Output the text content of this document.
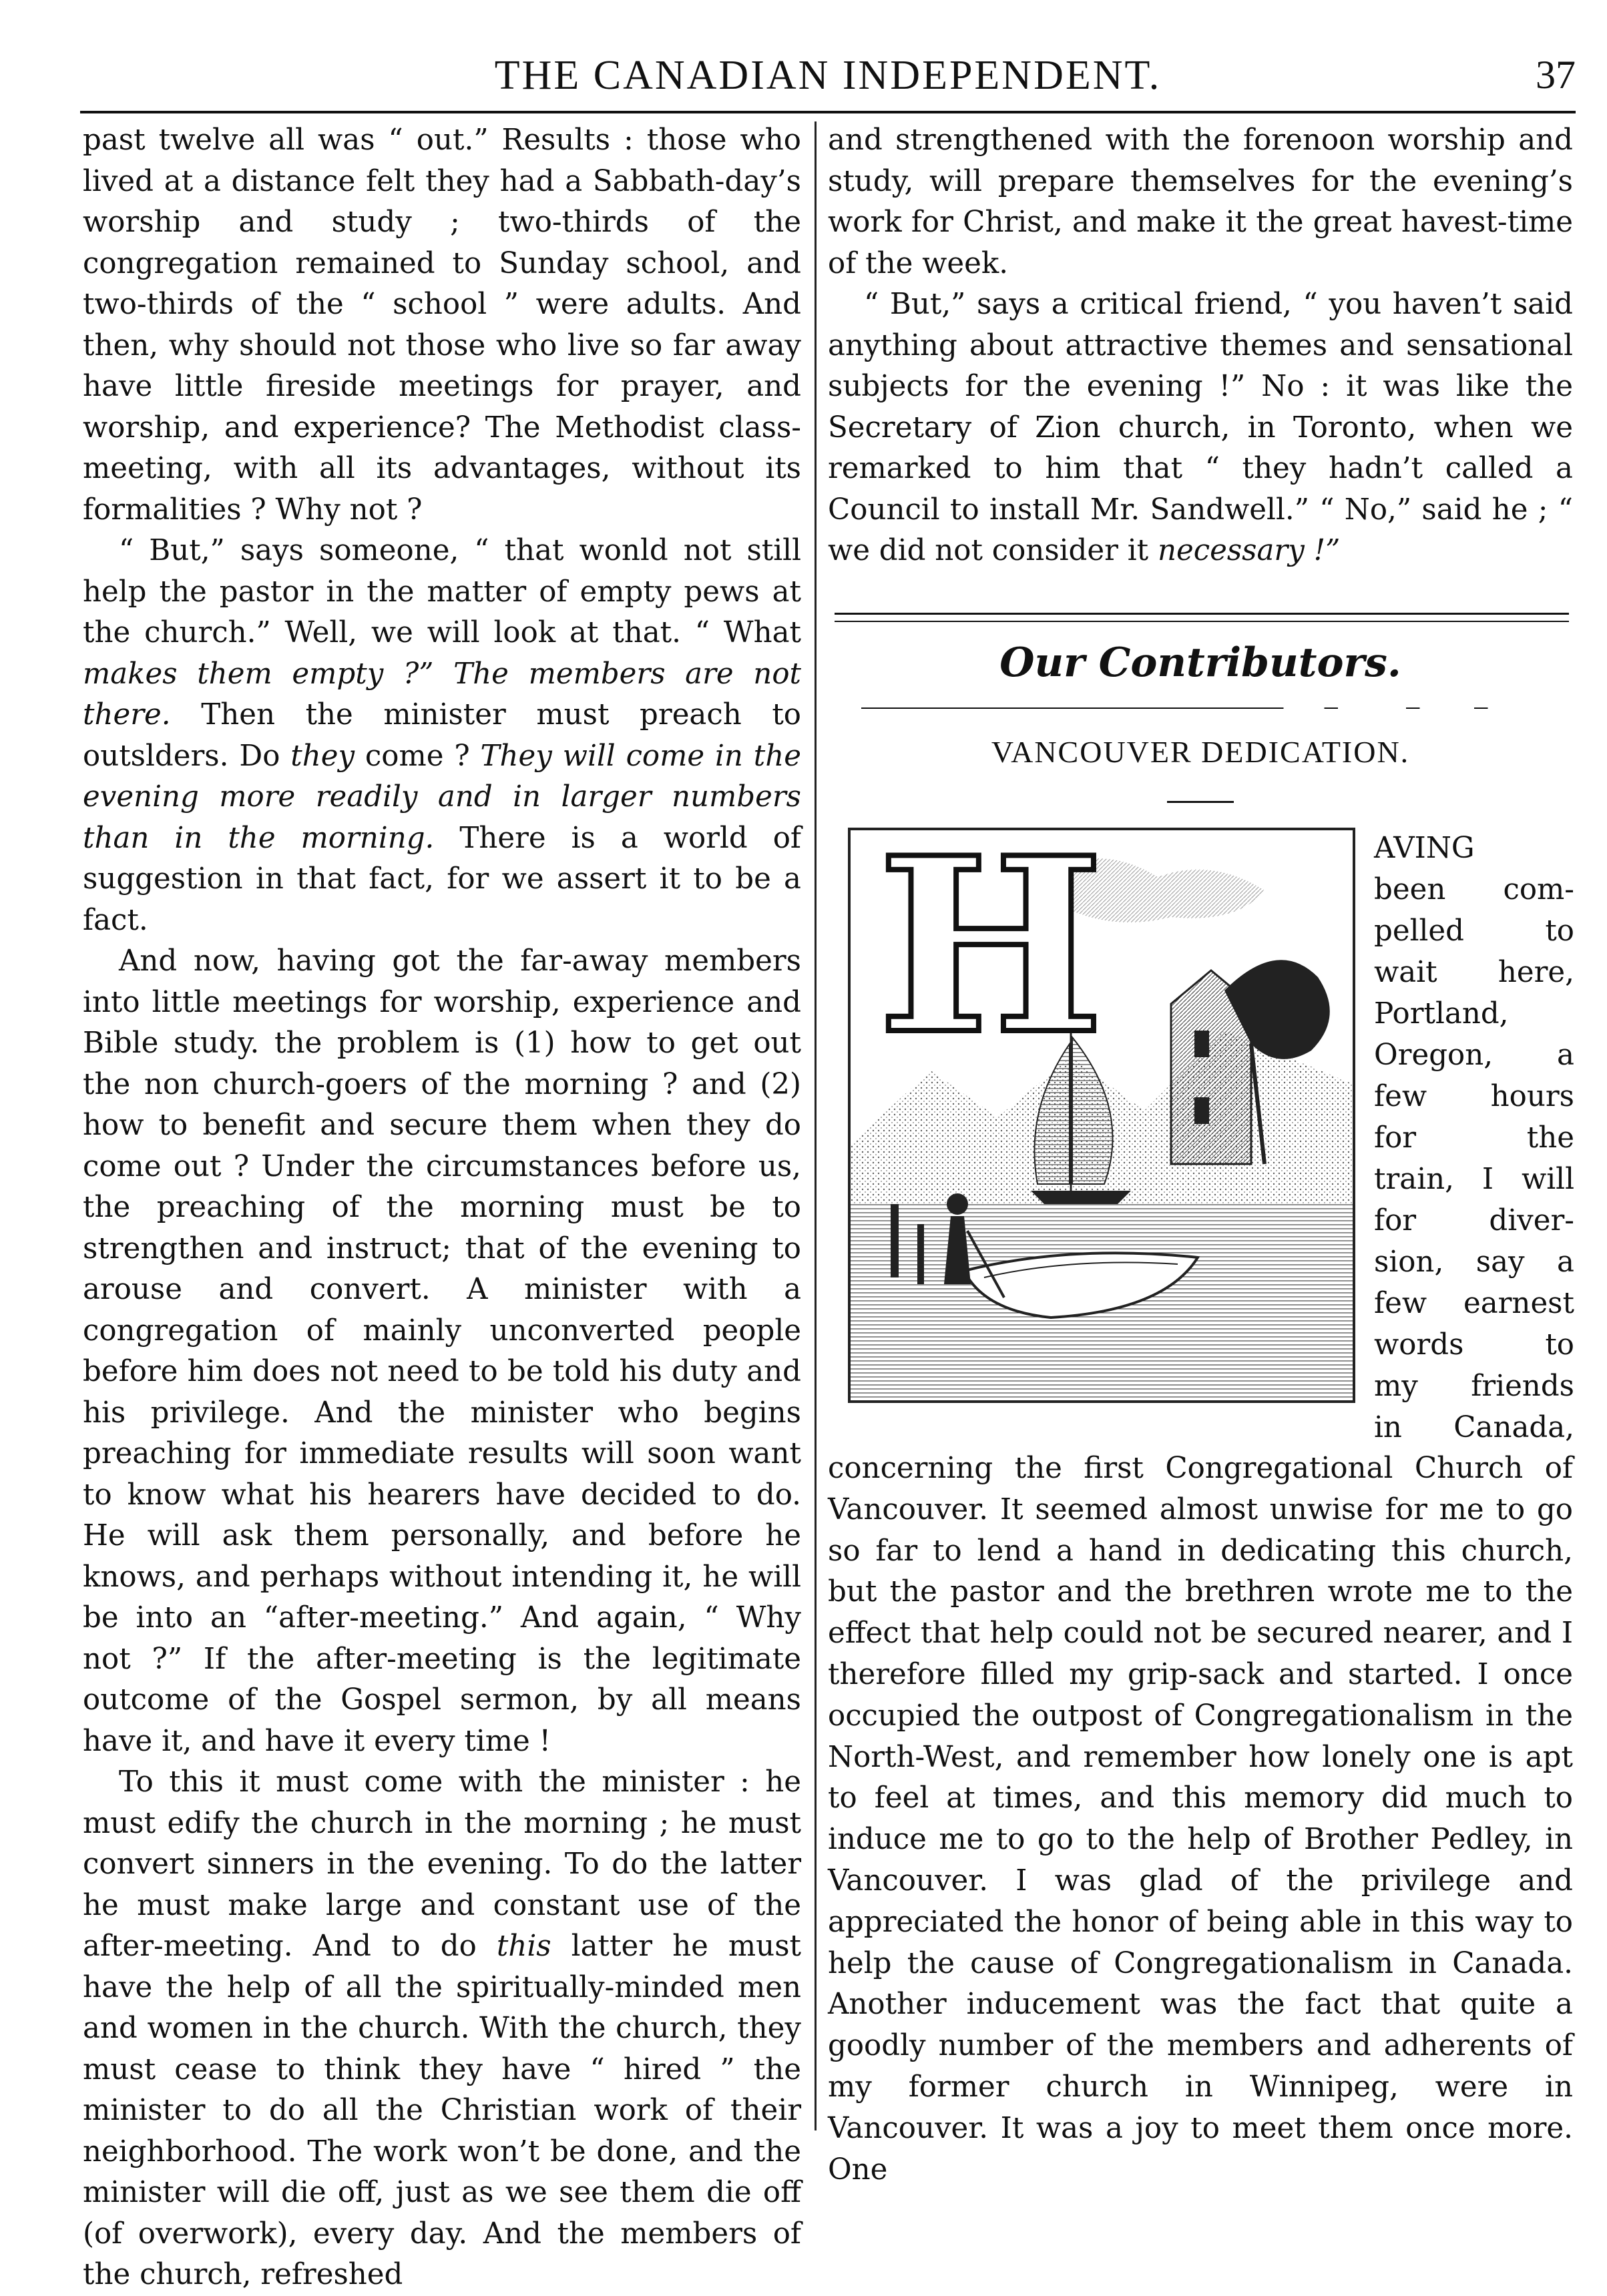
THE CANADIAN INDEPENDENT.	37

past twelve all was “ out.” Results : those who lived at a distance felt they had a Sabbath-day’s worship and study ; two-thirds of the congregation remained to Sunday school, and two-thirds of the “ school ” were adults. And then, why should not those who live so far away have little fireside meetings for prayer, and worship, and experience? The Methodist class-meeting, with all its advantages, without its formalities ? Why not ?

“ But,” says someone, “ that wonld not still help the pastor in the matter of empty pews at the church.” Well, we will look at that. “ What makes them empty ?” The members are not there. Then the minister must preach to outslders. Do they come ? They will come in the evening more readily and in larger numbers than in the morning. There is a world of suggestion in that fact, for we assert it to be a fact.

And now, having got the far-away members into little meetings for worship, experience and Bible study. the problem is (1) how to get out the non church-goers of the morning ? and (2) how to benefit and secure them when they do come out ? Under the circumstances before us, the preaching of the morning must be to strengthen and instruct; that of the evening to arouse and convert. A minister with a congregation of mainly unconverted people before him does not need to be told his duty and his privilege. And the minister who begins preaching for immediate results will soon want to know what his hearers have decided to do. He will ask them personally, and before he knows, and perhaps without intending it, he will be into an “after-meeting.” And again, “ Why not ?” If the after-meeting is the legitimate outcome of the Gospel sermon, by all means have it, and have it every time !

To this it must come with the minister : he must edify the church in the morning ; he must convert sinners in the evening. To do the latter he must make large and constant use of the after-meeting. And to do this latter he must have the help of all the spiritually-minded men and women in the church. With the church, they must cease to think they have “ hired ” the minister to do all the Christian work of their neighborhood. The work won’t be done, and the minister will die off, just as we see them die off (of overwork), every day. And the members of the church, refreshed

and strengthened with the forenoon worship and study, will prepare themselves for the evening’s work for Christ, and make it the great havest-time of the week.

“ But,” says a critical friend, “ you haven’t said anything about attractive themes and sensational subjects for the evening !” No : it was like the Secretary of Zion church, in Toronto, when we remarked to him that “ they hadn’t called a Council to install Mr. Sandwell.” “ No,” said he ; “ we did not consider it necessary !”

Our Contributors.
VANCOUVER DEDICATION.
H	AVING
been com-
pelled to
wait here,
Portland,
Oregon, a
few hours
for the
train, I will
for diver-
sion, say a
few earnest
words to
my friends
in Canada,

concerning the first Congregational Church of Vancouver. It seemed almost unwise for me to go so far to lend a hand in dedicating this church, but the pastor and the brethren wrote me to the effect that help could not be secured nearer, and I therefore filled my grip-sack and started. I once occupied the outpost of Congregationalism in the North-West, and remember how lonely one is apt to feel at times, and this memory did much to induce me to go to the help of Brother Pedley, in Vancouver. I was glad of the privilege and appreciated the honor of being able in this way to help the cause of Congregationalism in Canada. Another inducement was the fact that quite a goodly number of the members and adherents of my former church in Winnipeg, were in Vancouver. It was a joy to meet them once more. One
